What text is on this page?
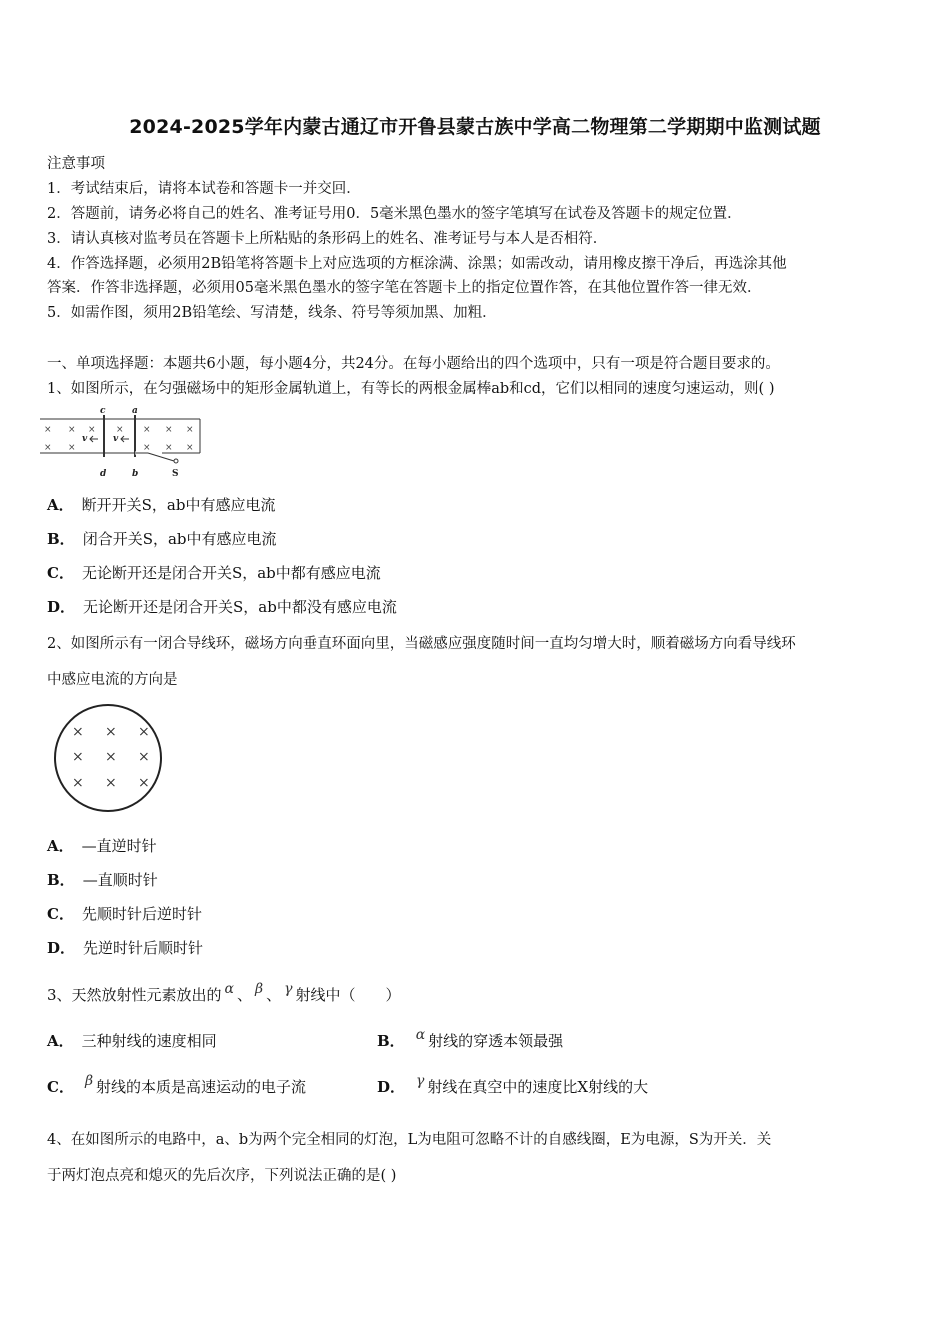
2024-2025学年内蒙古通辽市开鲁县蒙古族中学高二物理第二学期期中监测试题
注意事项
1．考试结束后，请将本试卷和答题卡一并交回．
2．答题前，请务必将自己的姓名、准考证号用0．5毫米黑色墨水的签字笔填写在试卷及答题卡的规定位置．
3．请认真核对监考员在答题卡上所粘贴的条形码上的姓名、准考证号与本人是否相符．
4．作答选择题，必须用2B铅笔将答题卡上对应选项的方框涂满、涂黑；如需改动，请用橡皮擦干净后，再选涂其他
答案．作答非选择题，必须用05毫米黑色墨水的签字笔在答题卡上的指定位置作答，在其他位置作答一律无效．
5．如需作图，须用2B铅笔绘、写清楚，线条、符号等须加黑、加粗．
一、单项选择题：本题共6小题，每小题4分，共24分。在每小题给出的四个选项中，只有一项是符合题目要求的。
1、如图所示，在匀强磁场中的矩形金属轨道上，有等长的两根金属棒ab和cd，它们以相同的速度匀速运动，则( )
× × × × × × ×
× ×	× × ×
c	a
d	b	S
v	v
A． 断开开关S，ab中有感应电流
B． 闭合开关S，ab中有感应电流
C． 无论断开还是闭合开关S，ab中都有感应电流
D． 无论断开还是闭合开关S，ab中都没有感应电流
2、如图所示有一闭合导线环，磁场方向垂直环面向里，当磁感应强度随时间一直均匀增大时，顺着磁场方向看导线环
中感应电流的方向是
× × ×
× × ×
× × ×
A． —直逆时针
B． —直顺时针
C． 先顺时针后逆时针
D． 先逆时针后顺时针
3、天然放射性元素放出的 α 、 β 、 γ 射线中（　　）
A． 三种射线的速度相同	B． α 射线的穿透本领最强
C． β 射线的本质是高速运动的电子流	D． γ 射线在真空中的速度比X射线的大
4、在如图所示的电路中，a、b为两个完全相同的灯泡，L为电阻可忽略不计的自感线圈，E为电源，S为开关．关
于两灯泡点亮和熄灭的先后次序，下列说法正确的是( )
